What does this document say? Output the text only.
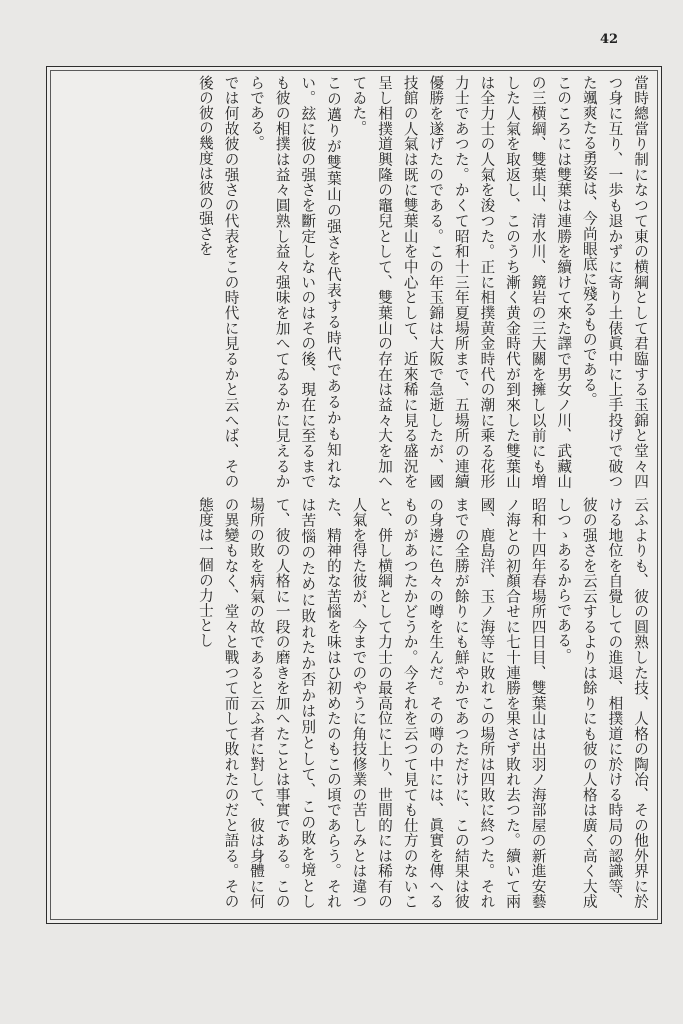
42
當時總當り制になつて東の横綱として君臨する玉錦と堂々四つ身に互り、一歩も退かずに寄り土俵眞中に上手投げで破つた颯爽たる勇姿は、今尚眼底に殘るものである。
このころには雙葉は連勝を續けて來た譯で男女ノ川、武藏山の三横綱、雙葉山、清水川、鏡岩の三大關を擁し以前にも増した人氣を取返し、このうち漸く黄金時代が到來した雙葉山は全力士の人氣を浚つた。正に相撲黄金時代の潮に乘る花形力士であつた。かくて昭和十三年夏場所まで、五場所の連續優勝を遂げたのである。この年玉錦は大阪で急逝したが、國技館の人氣は既に雙葉山を中心として、近來稀に見る盛況を呈し相撲道興隆の竈兒として、雙葉山の存在は益々大を加へてゐた。
この邁りが雙葉山の强さを代表する時代であるかも知れない。玆に彼の强さを斷定しないのはその後、現在に至るまでも彼の相撲は益々圓熟し益々强味を加へてゐるかに見えるからである。
では何故彼の强さの代表をこの時代に見るかと云へば、その後の彼の幾度は彼の强さを
云ふよりも、彼の圓熟した技、人格の陶冶、その他外界に於ける地位を自覺しての進退、相撲道に於ける時局の認識等、彼の强さを云云するよりは餘りにも彼の人格は廣く高く大成しつゝあるからである。
昭和十四年春場所四日目、雙葉山は出羽ノ海部屋の新進安藝ノ海との初顏合せに七十連勝を果さず敗れ去つた。續いて兩國、鹿島洋、玉ノ海等に敗れこの場所は四敗に終つた。それまでの全勝が餘りにも鮮やかであつただけに、この結果は彼の身邊に色々の噂を生んだ。その噂の中には、眞實を傳へるものがあつたかどうか。今それを云つて見ても仕方のないこと、併し横綱として力士の最高位に上り、世間的には稀有の人氣を得た彼が、今までのやうに角技修業の苦しみとは違つた、精神的な苦惱を味はひ初めたのもこの頃であらう。それは苦惱のために敗れたか否かは別として、この敗を境として、彼の人格に一段の磨きを加へたことは事實である。この場所の敗を病氣の故であると云ふ者に對して、彼は身體に何の異變もなく、堂々と戰つて而して敗れたのだと語る。その態度は一個の力士とし
